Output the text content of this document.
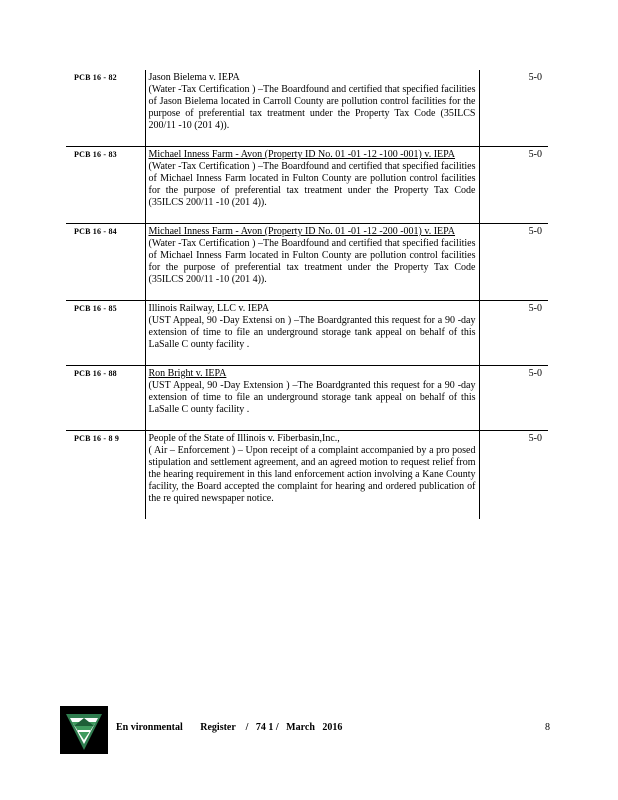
PCB 16 - 82	Jason Bielema v. IEPA
(Water -Tax Certification ) –The Boardfound and certified that specified facilities of Jason Bielema located in Carroll County are pollution control facilities for the purpose of preferential tax treatment under the Property Tax Code (35ILCS 200/11 -10 (201 4)).	5-0
PCB 16 - 83	Michael Inness Farm - Avon (Property ID No. 01 -01 -12 -100 -001) v. IEPA
(Water -Tax Certification ) –The Boardfound and certified that specified facilities of Michael Inness Farm located in Fulton County are pollution control facilities for the purpose of preferential tax treatment under the Property Tax Code (35ILCS 200/11 -10 (201 4)).	5-0
PCB 16 - 84	Michael Inness Farm - Avon (Property ID No. 01 -01 -12 -200 -001) v. IEPA
(Water -Tax Certification ) –The Boardfound and certified that specified facilities of Michael Inness Farm located in Fulton County are pollution control facilities for the purpose of preferential tax treatment under the Property Tax Code (35ILCS 200/11 -10 (201 4)).	5-0
PCB 16 - 85	Illinois Railway, LLC v. IEPA
(UST Appeal, 90 -Day Extensi on ) –The Boardgranted this request for a 90 -day extension of time to file an underground storage tank appeal on behalf of this LaSalle C ounty facility .	5-0
PCB 16 - 88	Ron Bright v. IEPA
(UST Appeal, 90 -Day Extension ) –The Boardgranted this request for a 90 -day extension of time to file an underground storage tank appeal on behalf of this LaSalle C ounty facility .	5-0
PCB 16 - 8 9	People of the State of Illinois v. Fiberbasin,Inc.,
( Air – Enforcement ) – Upon receipt of a complaint accompanied by a pro posed stipulation and settlement agreement, and an agreed motion to request relief from the hearing requirement in this land enforcement action involving a Kane County facility, the Board accepted the complaint for hearing and ordered publication of the re quired newspaper notice.	5-0
En vironmental       Register    /   74 1 /   March   2016	8
